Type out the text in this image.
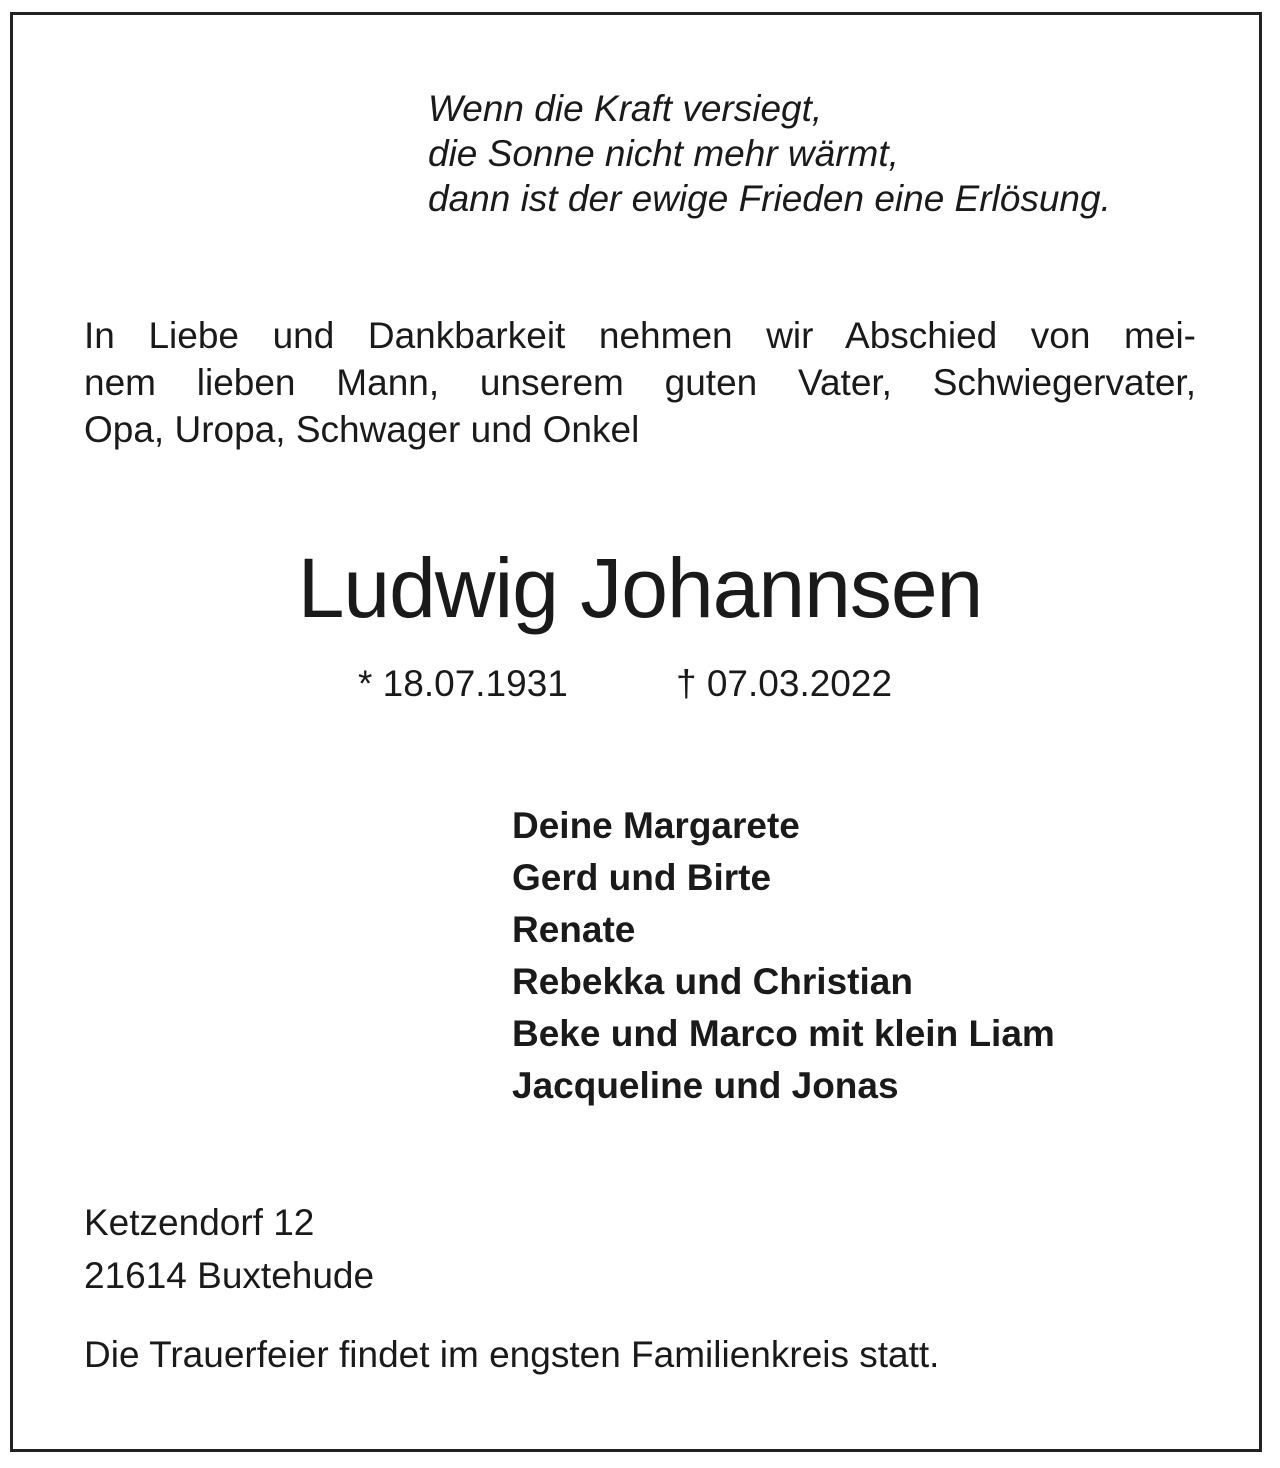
Wenn die Kraft versiegt,
die Sonne nicht mehr wärmt,
dann ist der ewige Frieden eine Erlösung.
In Liebe und Dankbarkeit nehmen wir Abschied von mei-
nem lieben Mann, unserem guten Vater, Schwiegervater,
Opa, Uropa, Schwager und Onkel
Ludwig Johannsen
* 18.07.1931	† 07.03.2022
Deine Margarete
Gerd und Birte
Renate
Rebekka und Christian
Beke und Marco mit klein Liam
Jacqueline und Jonas
Ketzendorf 12
21614 Buxtehude
Die Trauerfeier findet im engsten Familienkreis statt.
